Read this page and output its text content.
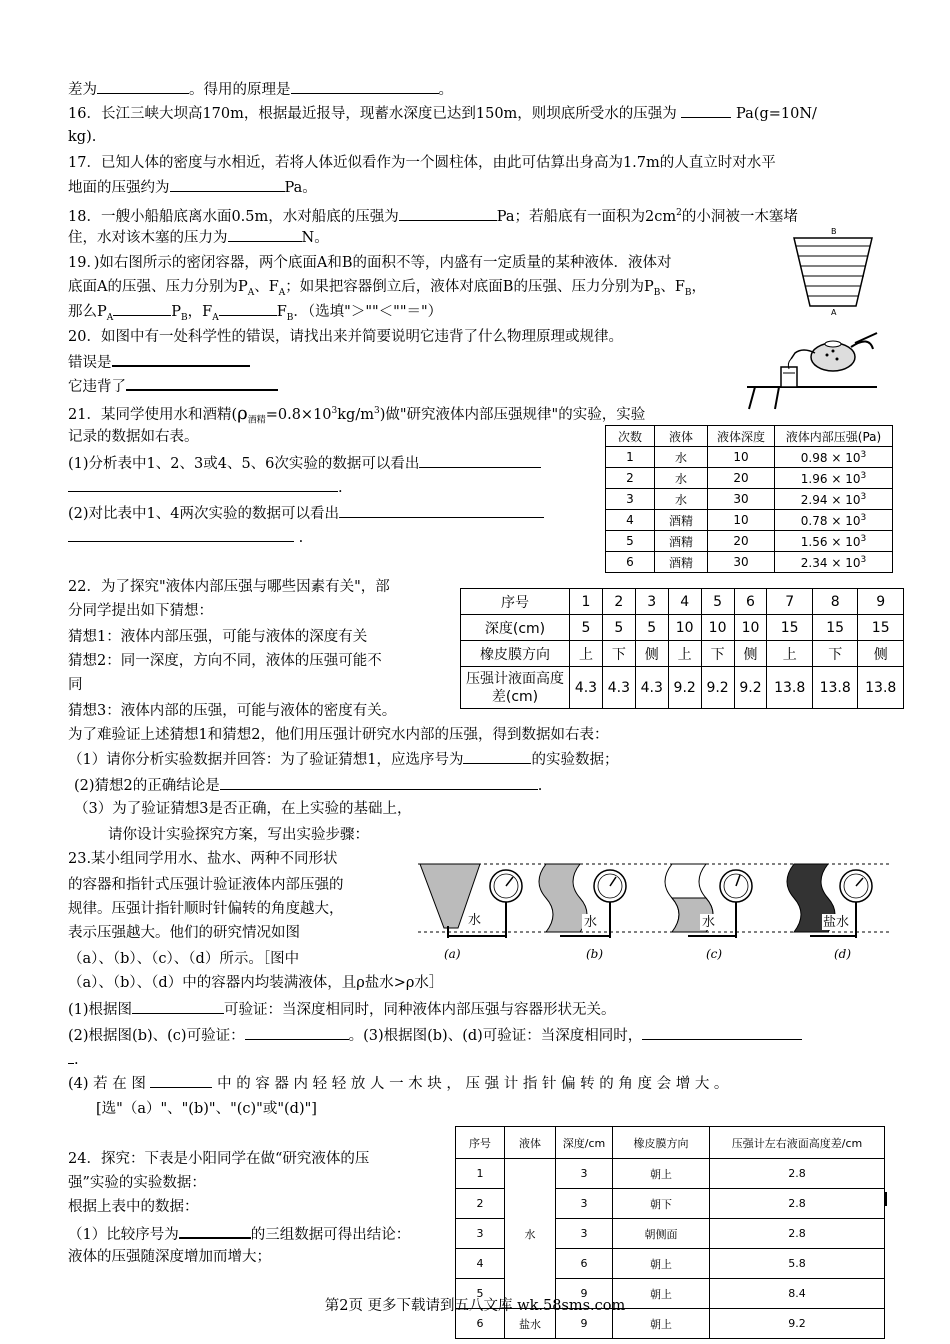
差为	。得用的原理是	。
16．长江三峡大坝高170m，根据最近报导，现蓄水深度已达到150m，则坝底所受水的压强为	Pa(g=10N/
kg).
17．已知人体的密度与水相近，若将人体近似看作为一个圆柱体，由此可估算出身高为1.7m的人直立时对水平
地面的压强约为	Pa。
18．一艘小船船底离水面0.5m，水对船底的压强为	Pa；若船底有一面积为$2cm^2$的小洞被一木塞堵
住，水对该木塞的压力为	N。	B
A
19．)如右图所示的密闭容器，两个底面A和B的面积不等，内盛有一定质量的某种液体．液体对
底面A的压强、压力分别为$P_A$、$F_A$；如果把容器倒立后，液体对底面B的压强、压力分别为$P_B$、$F_B$，
那么$P_A$	$P_B$，$F_A$	$F_B$．（选填"＞""＜""＝"）
20．如图中有一处科学性的错误，请找出来并简要说明它违背了什么物理原理或规律。
错误是
它违背了
21．某同学使用水和酒精$(\rho_{酒精}=0.8\times 10^3kg/m^3)$做"研究液体内部压强规律"的实验，实验
记录的数据如右表。
(1)分析表中1、2、3或4、5、6次实验的数据可以看出
.
(2)对比表中1、4两次实验的数据可以看出
.
次数	液体	液体深度	液体内部压强(Pa)
1	水	10	$0.98 \times 10^3$
2	水	20	$1.96 \times 10^3$
3	水	30	$2.94 \times 10^3$
4	酒精	10	$0.78 \times 10^3$
5	酒精	20	$1.56 \times 10^3$
6	酒精	30	$2.34 \times 10^3$
22．为了探究"液体内部压强与哪些因素有关"，部
分同学提出如下猜想：
猜想1：液体内部压强，可能与液体的深度有关
猜想2：同一深度，方向不同，液体的压强可能不
同
猜想3：液体内部的压强，可能与液体的密度有关。
为了难验证上述猜想1和猜想2，他们用压强计研究水内部的压强，得到数据如右表：
（1）请你分析实验数据并回答：为了验证猜想1，应选序号为	的实验数据；
(2)猜想2的正确结论是	.
（3）为了验证猜想3是否正确，在上实验的基础上，
请你设计实验探究方案，写出实验步骤：
序号	1	2	3	4	5	6	7	8	9
深度(cm)	5	5	5	10	10	10	15	15	15
橡皮膜方向	上	下	侧	上	下	侧	上	下	侧
压强计液面高度差(cm)	4.3	4.3	4.3	9.2	9.2	9.2	13.8	13.8	13.8
23.某小组同学用水、盐水、两种不同形状
的容器和指针式压强计验证液体内部压强的
规律。压强计指针顺时针偏转的角度越大，
表示压强越大。他们的研究情况如图
（a）、（b）、（c）、（d）所示。［图中
（a）、（b）、（d）中的容器内均装满液体，且ρ盐水>ρ水］
(1)根据图	可验证：当深度相同时，同种液体内部压强与容器形状无关。
(2)根据图(b)、(c)可验证：	。(3)根据图(b)、(d)可验证：当深度相同时，
.
(4) 若 在 图	中 的 容 器 内 轻 轻 放 人 一 木 块 ， 压 强 计 指 针 偏 转 的 角 度 会 增 大 。
[选"（a）"、"(b)"、"(c)"或"(d)"]
水
(a)
水
(b)
水
(c)
盐水
(d)
24．探究：下表是小阳同学在做“研究液体的压
强”实验的实验数据：
根据上表中的数据：
（1）比较序号为	的三组数据可得出结论：
液体的压强随深度增加而增大；
序号	液体	深度/cm	橡皮膜方向	压强计左右液面高度差/cm
1	水	3	朝上	2.8
2		3	朝下	2.8
3		3	朝侧面	2.8
4		6	朝上	5.8
5		9	朝上	8.4
6	盐水	9	朝上	9.2
第2页 更多下载请到五八文库 wk.58sms.com
